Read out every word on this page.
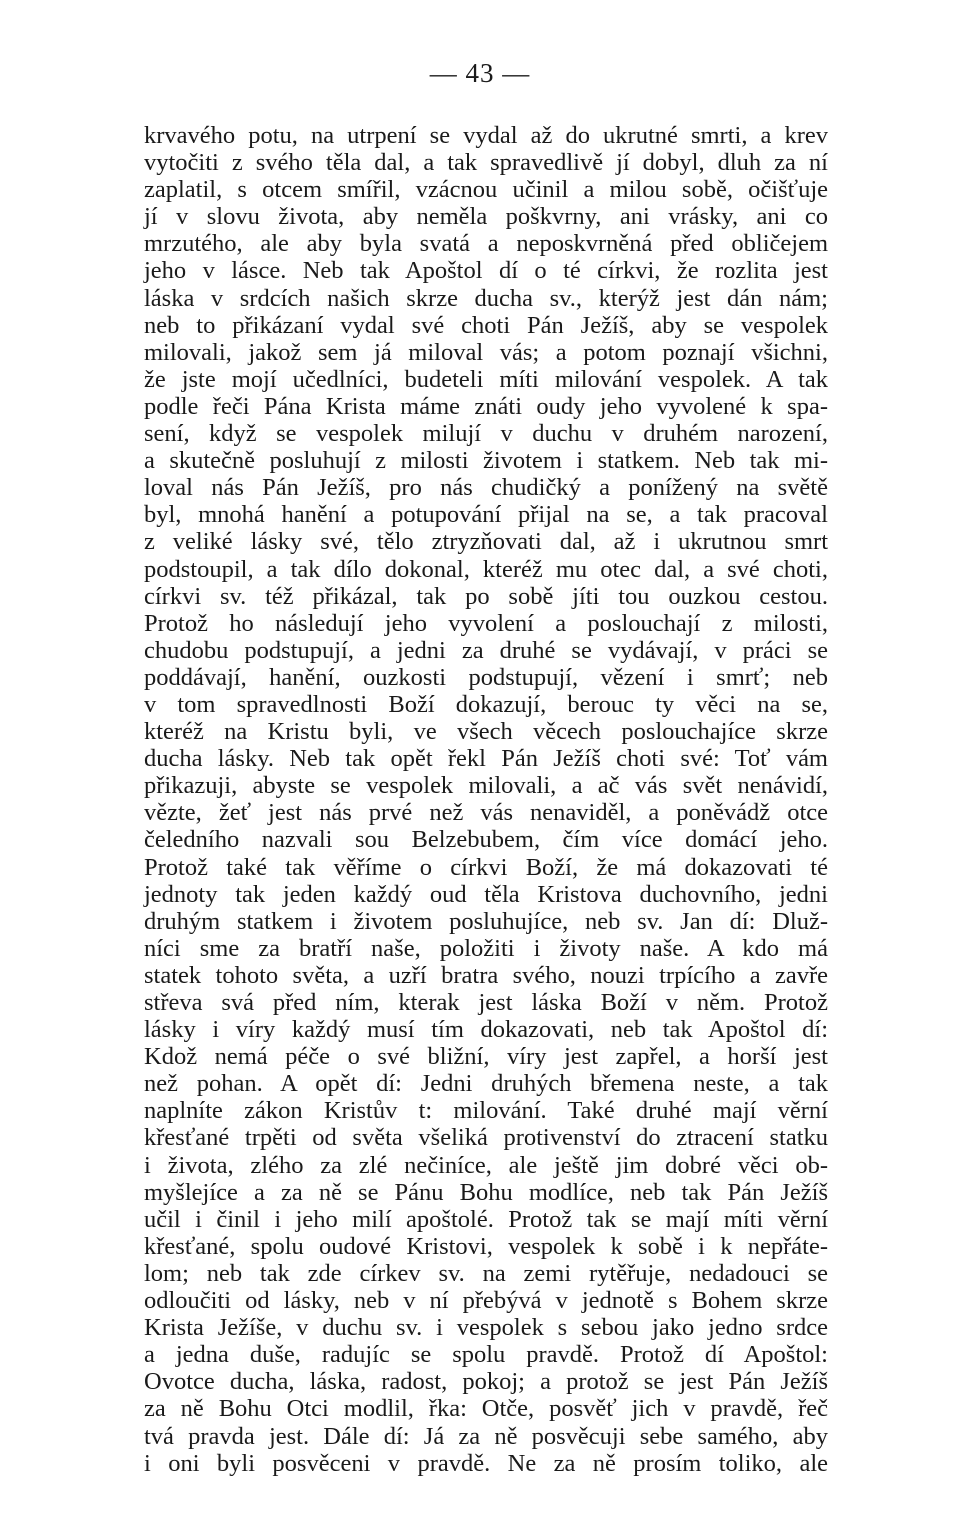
— 43 —
krvavého potu, na utrpení se vydal až do ukrutné smrti, a krev
vytočiti z svého těla dal, a tak spravedlivě jí dobyl, dluh za ní
zaplatil, s otcem smířil, vzácnou učinil a milou sobě, očišťuje
jí v slovu života, aby neměla poškvrny, ani vrásky, ani co
mrzutého, ale aby byla svatá a neposkvrněná před obličejem
jeho v lásce. Neb tak Apoštol dí o té církvi, že rozlita jest
láska v srdcích našich skrze ducha sv., kterýž jest dán nám;
neb to přikázaní vydal své choti Pán Ježíš, aby se vespolek
milovali, jakož sem já miloval vás; a potom poznají všichni,
že jste mojí učedlníci, budeteli míti milování vespolek. A tak
podle řeči Pána Krista máme znáti oudy jeho vyvolené k spa-
sení, když se vespolek milují v duchu v druhém narození,
a skutečně posluhují z milosti životem i statkem. Neb tak mi-
loval nás Pán Ježíš, pro nás chudičký a ponížený na světě
byl, mnohá hanění a potupování přijal na se, a tak pracoval
z veliké lásky své, tělo ztryzňovati dal, až i ukrutnou smrt
podstoupil, a tak dílo dokonal, kteréž mu otec dal, a své choti,
církvi sv. též přikázal, tak po sobě jíti tou ouzkou cestou.
Protož ho následují jeho vyvolení a poslouchají z milosti,
chudobu podstupují, a jedni za druhé se vydávají, v práci se
poddávají, hanění, ouzkosti podstupují, vězení i smrť; neb
v tom spravedlnosti Boží dokazují, berouc ty věci na se,
kteréž na Kristu byli, ve všech věcech poslouchajíce skrze
ducha lásky. Neb tak opět řekl Pán Ježíš choti své: Toť vám
přikazuji, abyste se vespolek milovali, a ač vás svět nenávidí,
vězte, žeť jest nás prvé než vás nenaviděl, a poněvádž otce
čeledního nazvali sou Belzebubem, čím více domácí jeho.
Protož také tak věříme o církvi Boží, že má dokazovati té
jednoty tak jeden každý oud těla Kristova duchovního, jedni
druhým statkem i životem posluhujíce, neb sv. Jan dí: Dluž-
níci sme za bratří naše, položiti i životy naše. A kdo má
statek tohoto světa, a uzří bratra svého, nouzi trpícího a zavře
střeva svá před ním, kterak jest láska Boží v něm. Protož
lásky i víry každý musí tím dokazovati, neb tak Apoštol dí:
Kdož nemá péče o své bližní, víry jest zapřel, a horší jest
než pohan. A opět dí: Jedni druhých břemena neste, a tak
naplníte zákon Kristův t: milování. Také druhé mají věrní
křesťané trpěti od světa všeliká protivenství do ztracení statku
i života, zlého za zlé nečiníce, ale ještě jim dobré věci ob-
myšlejíce a za ně se Pánu Bohu modlíce, neb tak Pán Ježíš
učil i činil i jeho milí apoštolé. Protož tak se mají míti věrní
křesťané, spolu oudové Kristovi, vespolek k sobě i k nepřáte-
lom; neb tak zde církev sv. na zemi rytěřuje, nedadouci se
odloučiti od lásky, neb v ní přebývá v jednotě s Bohem skrze
Krista Ježíše, v duchu sv. i vespolek s sebou jako jedno srdce
a jedna duše, radujíc se spolu pravdě. Protož dí Apoštol:
Ovotce ducha, láska, radost, pokoj; a protož se jest Pán Ježíš
za ně Bohu Otci modlil, řka: Otče, posvěť jich v pravdě, řeč
tvá pravda jest. Dále dí: Já za ně posvěcuji sebe samého, aby
i oni byli posvěceni v pravdě. Ne za ně prosím toliko, ale
